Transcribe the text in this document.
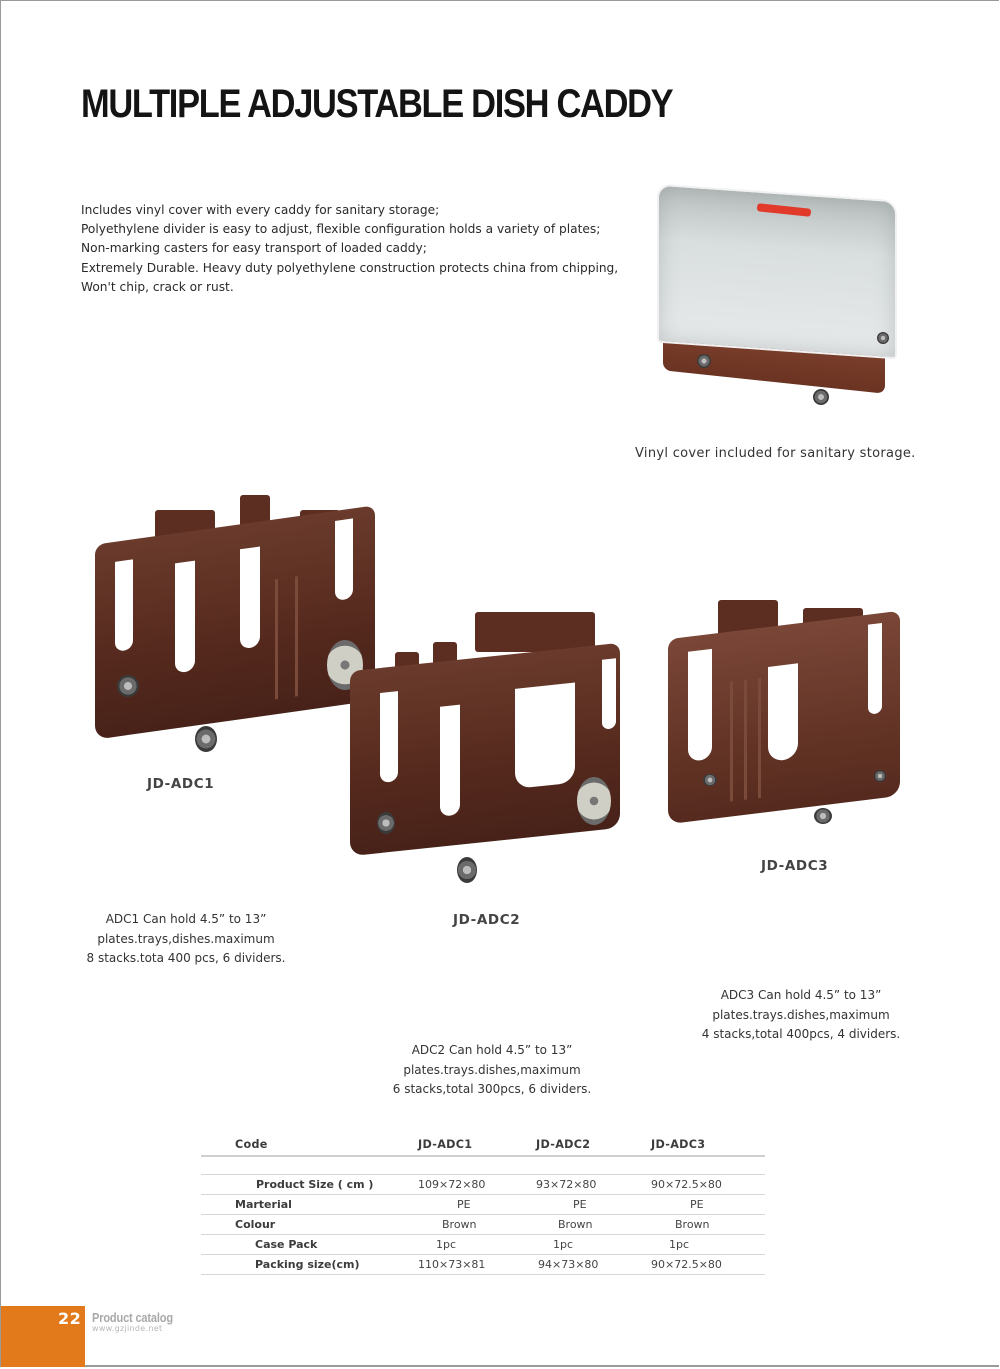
MULTIPLE ADJUSTABLE DISH CADDY
Includes vinyl cover with every caddy for sanitary storage;
Polyethylene divider is easy to adjust, flexible configuration holds a variety of plates;
Non-marking casters for easy transport of loaded caddy;
Extremely Durable. Heavy duty polyethylene construction protects china from chipping,
Won't chip, crack or rust.
Vinyl cover included for sanitary storage.
JD-ADC1
JD-ADC2
JD-ADC3
ADC1 Can hold 4.5” to 13”
plates.trays,dishes.maximum
8 stacks.tota 400 pcs, 6 dividers.
ADC2 Can hold 4.5” to 13”
plates.trays.dishes,maximum
6 stacks,total 300pcs, 6 dividers.
ADC3 Can hold 4.5” to 13”
plates.trays.dishes,maximum
4 stacks,total 400pcs, 4 dividers.
Code	JD-ADC1	JD-ADC2	JD-ADC3
Product Size ( cm )	109×72×80	93×72×80	90×72.5×80
Marterial	PE	PE	PE
Colour	Brown	Brown	Brown
Case Pack	1pc	1pc	1pc
Packing size(cm)	110×73×81	94×73×80	90×72.5×80
22 Product catalog
www.gzjinde.net
